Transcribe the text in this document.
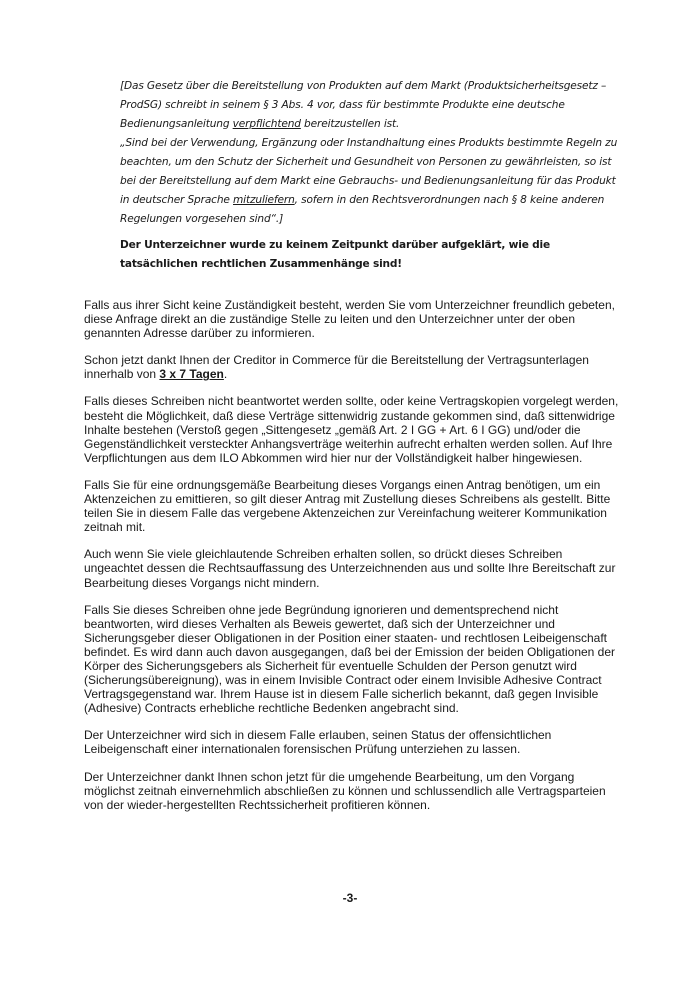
[Das Gesetz über die Bereitstellung von Produkten auf dem Markt (Produktsicherheitsgesetz – ProdSG) schreibt in seinem § 3 Abs. 4 vor, dass für bestimmte Produkte eine deutsche Bedienungsanleitung verpflichtend bereitzustellen ist.

„Sind bei der Verwendung, Ergänzung oder Instandhaltung eines Produkts bestimmte Regeln zu beachten, um den Schutz der Sicherheit und Gesundheit von Personen zu gewährleisten, so ist bei der Bereitstellung auf dem Markt eine Gebrauchs- und Bedienungsanleitung für das Produkt in deutscher Sprache mitzuliefern, sofern in den Rechtsverordnungen nach § 8 keine anderen Regelungen vorgesehen sind“.]

Der Unterzeichner wurde zu keinem Zeitpunkt darüber aufgeklärt, wie die tatsächlichen rechtlichen Zusammenhänge sind!

Falls aus ihrer Sicht keine Zuständigkeit besteht, werden Sie vom Unterzeichner freundlich gebeten, diese Anfrage direkt an die zuständige Stelle zu leiten und den Unterzeichner unter der oben genannten Adresse darüber zu informieren.

Schon jetzt dankt Ihnen der Creditor in Commerce für die Bereitstellung der Vertragsunterlagen innerhalb von 3 x 7 Tagen.

Falls dieses Schreiben nicht beantwortet werden sollte, oder keine Vertragskopien vorgelegt werden, besteht die Möglichkeit, daß diese Verträge sittenwidrig zustande gekommen sind, daß sittenwidrige Inhalte bestehen (Verstoß gegen „Sittengesetz „gemäß Art. 2 I GG + Art. 6 I GG) und/oder die Gegenständlichkeit versteckter Anhangsverträge weiterhin aufrecht erhalten werden sollen. Auf Ihre Verpflichtungen aus dem ILO Abkommen wird hier nur der Vollständigkeit halber hingewiesen.

Falls Sie für eine ordnungsgemäße Bearbeitung dieses Vorgangs einen Antrag benötigen, um ein Aktenzeichen zu emittieren, so gilt dieser Antrag mit Zustellung dieses Schreibens als gestellt. Bitte teilen Sie in diesem Falle das vergebene Aktenzeichen zur Vereinfachung weiterer Kommunikation zeitnah mit.

Auch wenn Sie viele gleichlautende Schreiben erhalten sollen, so drückt dieses Schreiben ungeachtet dessen die Rechtsauffassung des Unterzeichnenden aus und sollte Ihre Bereitschaft zur Bearbeitung dieses Vorgangs nicht mindern.

Falls Sie dieses Schreiben ohne jede Begründung ignorieren und dementsprechend nicht beantworten, wird dieses Verhalten als Beweis gewertet, daß sich der Unterzeichner und Sicherungsgeber dieser Obligationen in der Position einer staaten- und rechtlosen Leibeigenschaft befindet. Es wird dann auch davon ausgegangen, daß bei der Emission der beiden Obligationen der Körper des Sicherungsgebers als Sicherheit für eventuelle Schulden der Person genutzt wird (Sicherungsübereignung), was in einem Invisible Contract oder einem Invisible Adhesive Contract Vertragsgegenstand war. Ihrem Hause ist in diesem Falle sicherlich bekannt, daß gegen Invisible (Adhesive) Contracts erhebliche rechtliche Bedenken angebracht sind.

Der Unterzeichner wird sich in diesem Falle erlauben, seinen Status der offensichtlichen Leibeigenschaft einer internationalen forensischen Prüfung unterziehen zu lassen.

Der Unterzeichner dankt Ihnen schon jetzt für die umgehende Bearbeitung, um den Vorgang möglichst zeitnah einvernehmlich abschließen zu können und schlussendlich alle Vertragsparteien von der wieder-hergestellten Rechtssicherheit profitieren können.

-3-
